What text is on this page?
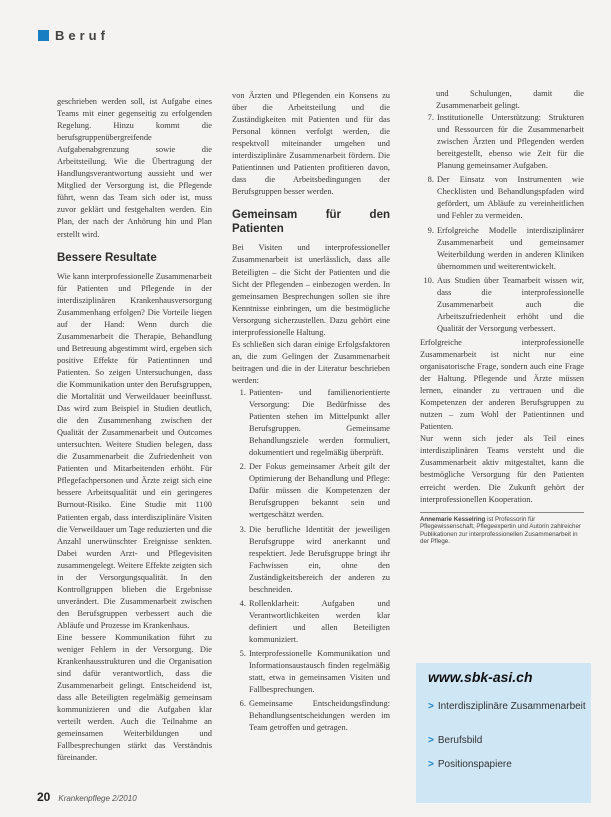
Beruf

geschrieben werden soll, ist Aufgabe eines Teams mit einer gegenseitig zu erfolgenden Regelung. Hinzu kommt die berufsgruppenübergreifende Aufgabenabgrenzung sowie die Arbeitsteilung. Wie die Übertragung der Handlungsverantwortung aussieht und wer Mitglied der Versorgung ist, die Pflegende führt, wenn das Team sich oder ist, muss zuvor geklärt und festgehalten werden. Ein Plan, der nach der Anhörung hin und Plan erstellt wird.

Bessere Resultate

Wie kann interprofessionelle Zusammenarbeit für Patienten und Pflegende in der interdisziplinären Krankenhausversorgung Zusammenhang erfolgen? Die Vorteile liegen auf der Hand: Wenn durch die Zusammenarbeit die Therapie, Behandlung und Betreuung abgestimmt wird, ergeben sich positive Effekte für Patientinnen und Patienten. So zeigen Untersuchungen, dass die Kommunikation unter den Berufsgruppen, die Mortalität und Verweildauer beeinflusst. Das wird zum Beispiel in Studien deutlich, die den Zusammenhang zwischen der Qualität der Zusammenarbeit und Outcomes untersuchten. Weitere Studien belegen, dass die Zusammenarbeit die Zufriedenheit von Patienten und Mitarbeitenden erhöht. Für Pflegefachpersonen und Ärzte zeigt sich eine bessere Arbeitsqualität und ein geringeres Burnout-Risiko. Eine Studie mit 1100 Patienten ergab, dass interdisziplinäre Visiten die Verweildauer um Tage reduzierten und die Anzahl unerwünschter Ereignisse senkten. Dabei wurden Arzt- und Pflegevisiten zusammengelegt. Weitere Effekte zeigten sich in der Versorgungsqualität. In den Kontrollgruppen blieben die Ergebnisse unverändert. Die Zusammenarbeit zwischen den Berufsgruppen verbessert auch die Abläufe und Prozesse im Krankenhaus.

Eine bessere Kommunikation führt zu weniger Fehlern in der Versorgung. Die Krankenhausstrukturen und die Organisation sind dafür verantwortlich, dass die Zusammenarbeit gelingt. Entscheidend ist, dass alle Beteiligten regelmäßig gemeinsam kommunizieren und die Aufgaben klar verteilt werden. Auch die Teilnahme an gemeinsamen Weiterbildungen und Fallbesprechungen stärkt das Verständnis füreinander.

von Ärzten und Pflegenden ein Konsens zu über die Arbeitsteilung und die Zuständigkeiten mit Patienten und für das Personal können verfolgt werden, die respektvoll miteinander umgehen und interdisziplinäre Zusammenarbeit fördern. Die Patientinnen und Patienten profitieren davon, dass die Arbeitsbedingungen der Berufsgruppen besser werden.

Gemeinsam für den Patienten

Bei Visiten und interprofessioneller Zusammenarbeit ist unerlässlich, dass alle Beteiligten – die Sicht der Patienten und die Sicht der Pflegenden – einbezogen werden. In gemeinsamen Besprechungen sollen sie ihre Kenntnisse einbringen, um die bestmögliche Versorgung sicherzustellen. Dazu gehört eine interprofessionelle Haltung.

Es schließen sich daran einige Erfolgsfaktoren an, die zum Gelingen der Zusammenarbeit beitragen und die in der Literatur beschrieben werden:

1. Patienten- und familienorientierte Versorgung: Die Bedürfnisse des Patienten stehen im Mittelpunkt aller Berufsgruppen. Gemeinsame Behandlungsziele werden formuliert, dokumentiert und regelmäßig überprüft.
2. Der Fokus gemeinsamer Arbeit gilt der Optimierung der Behandlung und Pflege: Dafür müssen die Kompetenzen der Berufsgruppen bekannt sein und wertgeschätzt werden.
3. Die berufliche Identität der jeweiligen Berufsgruppe wird anerkannt und respektiert. Jede Berufsgruppe bringt ihr Fachwissen ein, ohne den Zuständigkeitsbereich der anderen zu beschneiden.
4. Rollenklarheit: Aufgaben und Verantwortlichkeiten werden klar definiert und allen Beteiligten kommuniziert.
5. Interprofessionelle Kommunikation und Informationsaustausch finden regelmäßig statt, etwa in gemeinsamen Visiten und Fallbesprechungen.
6. Gemeinsame Entscheidungsfindung: Behandlungsentscheidungen werden im Team getroffen und getragen.

und Schulungen, damit die Zusammenarbeit gelingt.

7. Institutionelle Unterstützung: Strukturen und Ressourcen für die Zusammenarbeit zwischen Ärzten und Pflegenden werden bereitgestellt, ebenso wie Zeit für die Planung gemeinsamer Aufgaben.
8. Der Einsatz von Instrumenten wie Checklisten und Behandlungspfaden wird gefördert, um Abläufe zu vereinheitlichen und Fehler zu vermeiden.
9. Erfolgreiche Modelle interdisziplinärer Zusammenarbeit und gemeinsamer Weiterbildung werden in anderen Kliniken übernommen und weiterentwickelt.
10. Aus Studien über Teamarbeit wissen wir, dass die interprofessionelle Zusammenarbeit auch die Arbeitszufriedenheit erhöht und die Qualität der Versorgung verbessert.

Erfolgreiche interprofessionelle Zusammenarbeit ist nicht nur eine organisatorische Frage, sondern auch eine Frage der Haltung. Pflegende und Ärzte müssen lernen, einander zu vertrauen und die Kompetenzen der anderen Berufsgruppen zu nutzen – zum Wohl der Patientinnen und Patienten.

Nur wenn sich jeder als Teil eines interdisziplinären Teams versteht und die Zusammenarbeit aktiv mitgestaltet, kann die bestmögliche Versorgung für den Patienten erreicht werden. Die Zukunft gehört der interprofessionellen Kooperation.

Annemarie Kesselring ist Professorin für Pflegewissenschaft, Pflegeexpertin und Autorin zahlreicher Publikationen zur interprofessionellen Zusammenarbeit in der Pflege.
www.sbk-asi.ch
> Interdisziplinäre Zusammenarbeit
> Berufsbild
> Positionspapiere
20 Krankenpflege 2/2010
